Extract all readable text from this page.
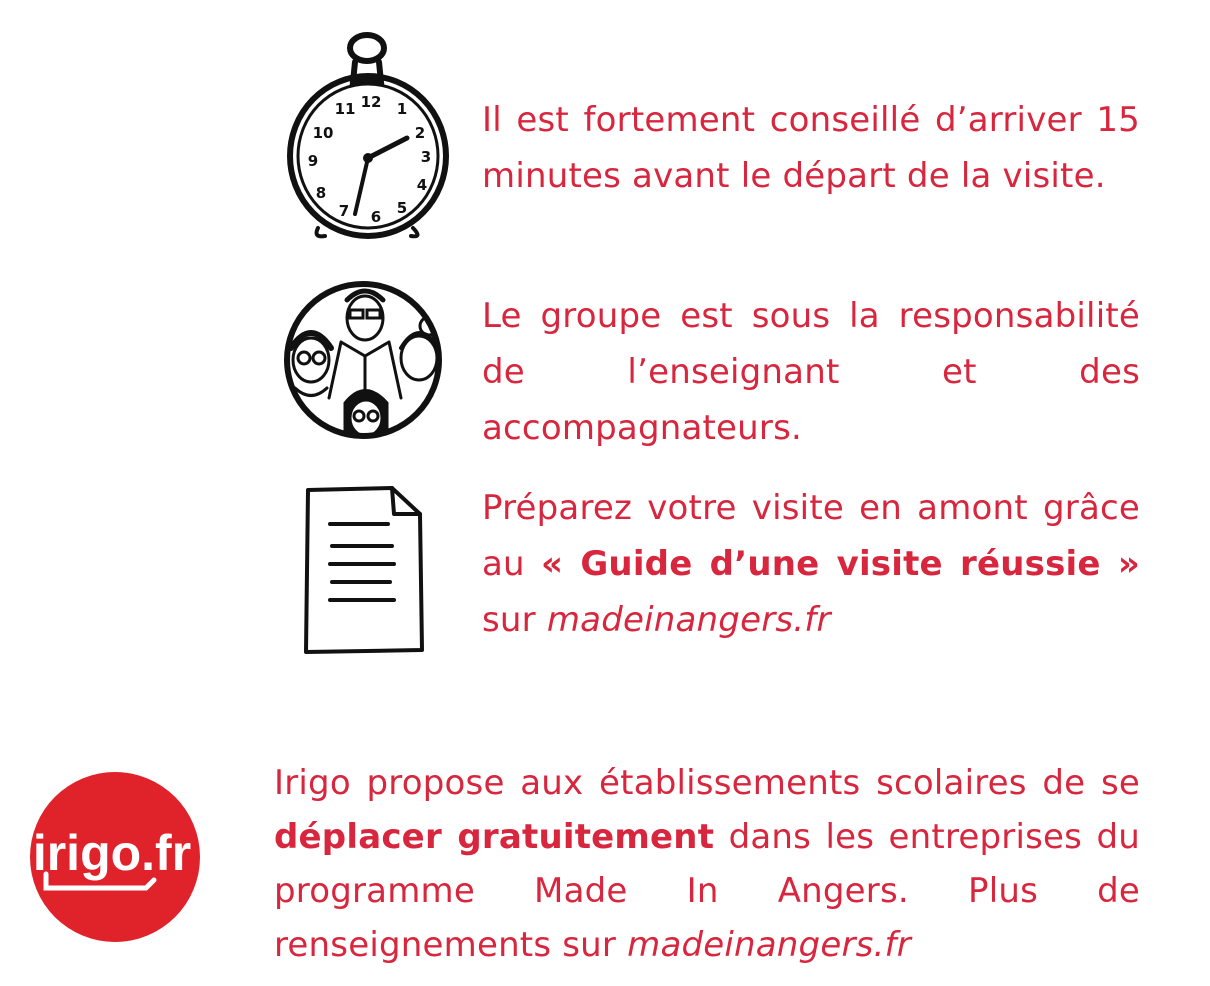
12 1
2
3
4
5
6
7
8
9
10
11	Il est fortement conseillé d’arriver 15 minutes avant le départ de la visite.
Le groupe est sous la responsabilité de l’enseignant et des accompagnateurs.
Préparez votre visite en amont grâce au « Guide d’une visite réussie » sur madeinangers.fr
irigo.fr
Irigo propose aux établissements scolaires de se déplacer gratuitement dans les entreprises du programme Made In Angers. Plus de renseignements sur madeinangers.fr
